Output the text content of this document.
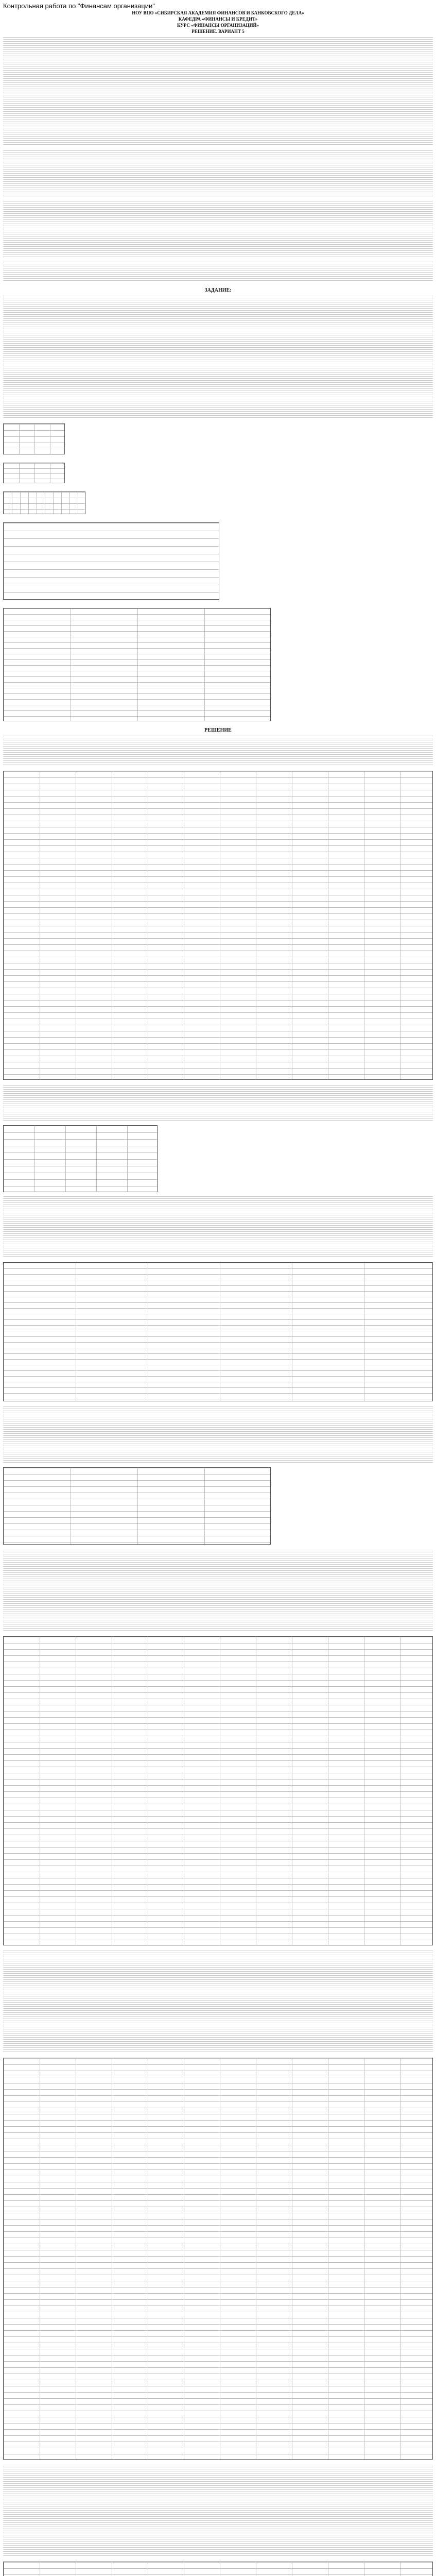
Контрольная работа по "Финансам организации"
НОУ ВПО «СИБИРСКАЯ АКАДЕМИЯ ФИНАНСОВ И БАНКОВСКОГО ДЕЛА»
КАФЕДРА «ФИНАНСЫ И КРЕДИТ»
КУРС «ФИНАНСЫ ОРГАНИЗАЦИЙ»
РЕШЕНИЕ. ВАРИАНТ 5
ЗАДАНИЕ:
РЕШЕНИЕ
